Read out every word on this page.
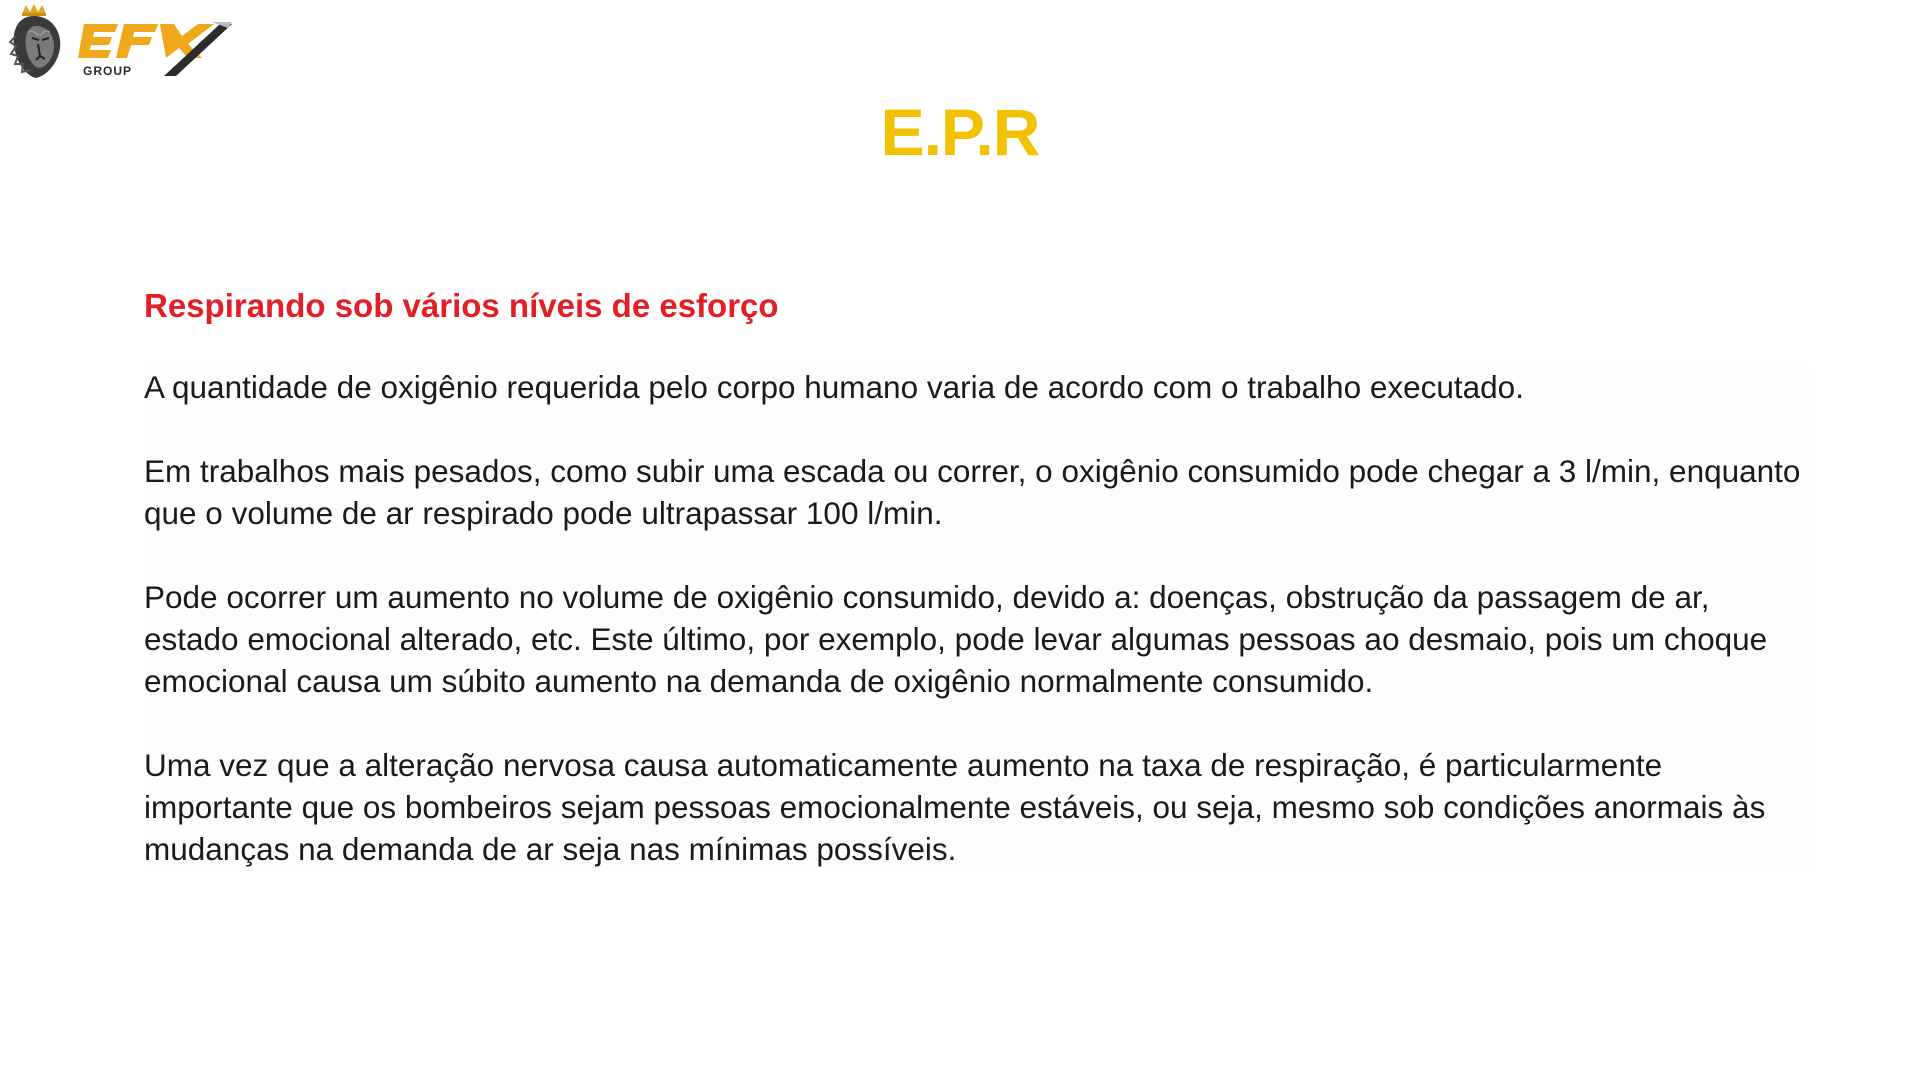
GROUP
E.P.R
Respirando sob vários níveis de esforço

A quantidade de oxigênio requerida pelo corpo humano varia de acordo com o trabalho executado.

Em trabalhos mais pesados, como subir uma escada ou correr, o oxigênio consumido pode chegar a 3 l/min, enquanto que o volume de ar respirado pode ultrapassar 100 l/min.

Pode ocorrer um aumento no volume de oxigênio consumido, devido a: doenças, obstrução da passagem de ar, estado emocional alterado, etc. Este último, por exemplo, pode levar algumas pessoas ao desmaio, pois um choque emocional causa um súbito aumento na demanda de oxigênio normalmente consumido.

Uma vez que a alteração nervosa causa automaticamente aumento na taxa de respiração, é particularmente importante que os bombeiros sejam pessoas emocionalmente estáveis, ou seja, mesmo sob condições anormais às mudanças na demanda de ar seja nas mínimas possíveis.
